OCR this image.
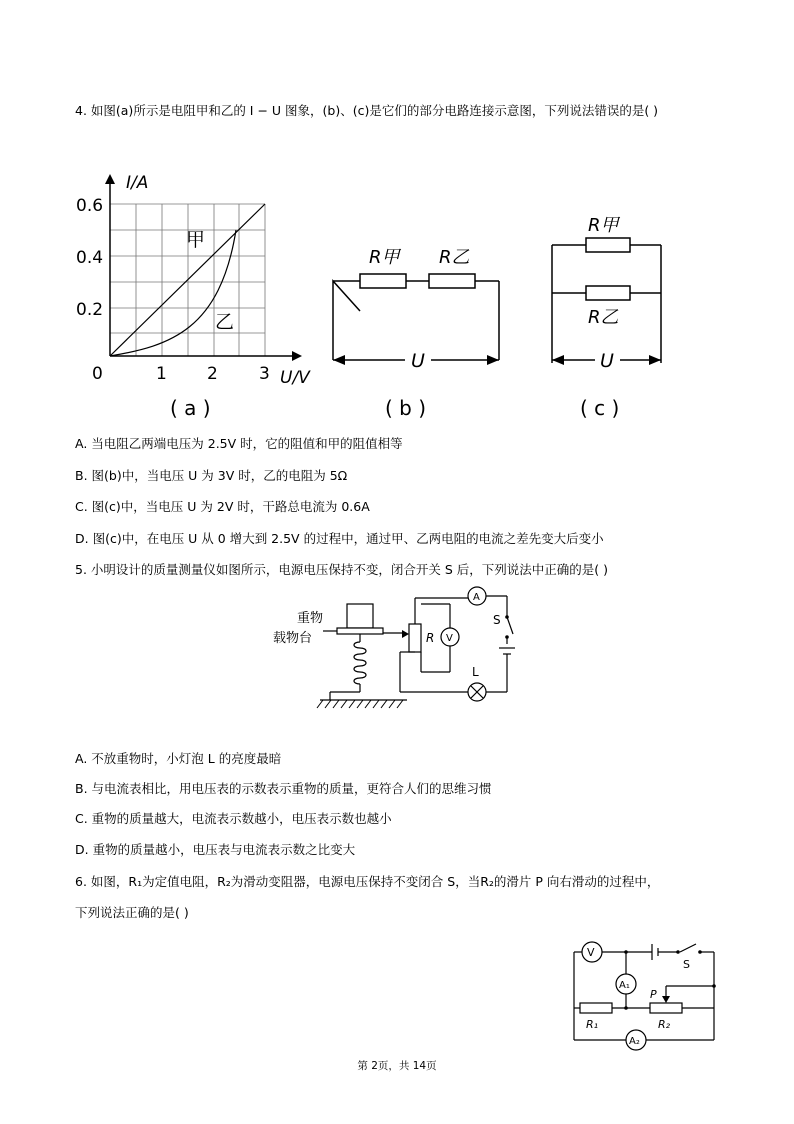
4. 如图(a)所示是电阻甲和乙的 I − U 图象，(b)、(c)是它们的部分电路连接示意图，下列说法错误的是( )
I/A
U/V
0.6
0.4
0.2
0	1 2 3
甲
乙
( a )
R甲 R乙
U
( b )
R甲
R乙
U
( c )
A. 当电阻乙两端电压为 2.5V 时，它的阻值和甲的阻值相等
B. 图(b)中，当电压 U 为 3V 时，乙的电阻为 5Ω
C. 图(c)中，当电压 U 为 2V 时，干路总电流为 0.6A
D. 图(c)中，在电压 U 从 0 增大到 2.5V 的过程中，通过甲、乙两电阻的电流之差先变大后变小
5. 小明设计的质量测量仪如图所示，电源电压保持不变，闭合开关 S 后，下列说法中正确的是( )
重物
载物台	R
A
V
S
L
A. 不放重物时，小灯泡 L 的亮度最暗
B. 与电流表相比，用电压表的示数表示重物的质量，更符合人们的思维习惯
C. 重物的质量越大，电流表示数越小，电压表示数也越小
D. 重物的质量越小，电压表与电流表示数之比变大
6. 如图，R₁为定值电阻，R₂为滑动变阻器，电源电压保持不变闭合 S，当R₂的滑片 P 向右滑动的过程中，
下列说法正确的是( )
V
A₁
A₂
S
P
R₁	R₂
第 2页，共 14页
